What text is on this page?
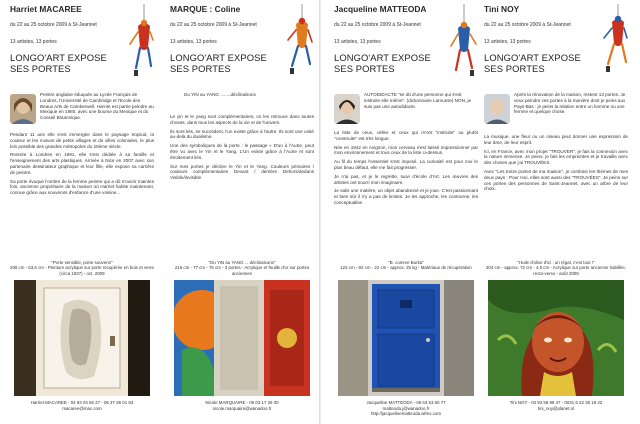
Harriet MACAREE
du 22 au 25 octobre 2009 à St-Jeannet
13 artistes, 13 portes
LONGO'ART EXPOSE
SES PORTES
Peintre anglaise éduquée au Lycée Français de Londres, l'Université de Cambridge et l'Ecole des Beaux Arts de Camberwell, Harriet est partie peindre au Mexique en 1980, avec une bourse du Mexique et du Conseil Britannique.

Pendant 11 ans elle s'est immergée dans le paysage tropical, la couleur et les mœurs de petits villages et de villes coloniales, le plus loin possible des grandes métropoles du 20ème siècle.

Rentrée à Londres en 1991, elle s'est dédiée à sa famille et l'enseignement des arts plastiques. Arrivée à Nice en 2007 avec son partenaire dessinateur graphique et leur fille, elle expose sa carrière de peintre.

Sa porte évoque l'ombre de la femme peintre qui a dû s'ouvrir maintes fois, ancienne propriétaire de la maison où Harriet habite maintenant, connue grâce aux souvenirs d'enfance d'une voisine...

"Porte sensible, porte souvenir"
208 cm - 63,5 cm - Peinture acrylique sur porte récupérée en bois et verre (circa 1937) - oct. 2009
Harriet MACAREE - 04 93 04 66 27 - 06 37 36 01 83
macaree@mac.com
MARQUE : Coline
du 22 au 25 octobre 2009 à St-Jeannet
13 artistes, 13 portes
LONGO'ART EXPOSE
SES PORTES
Du YIN au YANG ........déclinaisons

Le yin et le yang sont complémentaires, on les retrouve dans toutes choses, dans tous les aspects de la vie et de l'univers.

Ils sont liés, se succèdent, l'un existe grâce à l'autre. Ils sont une unité au-delà du dualisme.

Une des symboliques de la porte : le passage « D'un à l'Autre, peut être vu avec le Yin et le Yang. L'Un existe grâce à l'Autre et sont étroitement liés.

Sur mes portes je décline le Yin et le Yang. Couleurs primaires / couleurs complémentaires Devant / derrière Dehors/dedans Visible/invisible

"Du YIN au YANG ... déclinaisons"
216 cm - 77 cm - 76 cm - 3 portes - Acrylique et feuille d'or sur portes anciennes
Nicole MARQUAIRE - 06 03 17 26 00
nicole.marquaire@wanadoo.fr
Jacqueline MATTEODA
du 22 au 25 octobre 2009 à St-Jeannet
13 artistes, 13 portes
LONGO'ART EXPOSE
SES PORTES
AUTODIDACTE "se dit d'une personne qui s'est instruite elle même". (dictionnaire Larousse) NON, je suis pas une autodidacte.

La liste de ceux, celles et ceux qui m'ont "instruite" ou plutôt "construite" est très longue.

Née en 1942 en Avignon, mon cerveau s'est laissé impressionner par mon environnement et tous ceux de la liste ci-dessus.

Au fil du temps l'essentiel s'est imposé. La curiosité est pour moi le plus beau défaut, elle me fait progresser.

Je n'ai pas, et je le regrette, suivi d'école d'Art. Les œuvres des artistes ont nourri mon imaginaire.

Je salis une matière, un objet abandonné et je joue. C'est passionnant et bien sûr il n'y a pas de limites. Je les approche, les contourne, les conceptualise.

"B. comme Burka"
122 cm - 82 cm - 22 cm - approx. 25 kg - Matériaux de récupération
Jacqueline MATTEODA - 06 63 53 65 77
matteoda.j@wanadoo.fr
http://jacquelinematteoda.wifeo.com
Tini NOY
du 22 au 25 octobre 2009 à St-Jeannet
13 artistes, 13 portes
LONGO'ART EXPOSE
SES PORTES
Après la rénovation de la maison, restent 13 portes. Je veux peindre ces portes à la manière dont je peins aux Pays-Bas : je peins la relation entre un homme ou une femme et quelque chose.

La musique, une fleur ou un oiseau peut donner une expression de leur âme, de leur esprit.

Ici, en France, avec mon projet "TROUVER", je fais la connexion avec la nature immense. Je peins, je fais les empreintes et je travaille avec des choses que j'ai TROUVÉES.

Avec "Les treize portes de ma maison", je combine les thèmes de mes deux pays : Pour moi, elles sont aussi des "TROUVÉES". Je peins sur ces portes des personnes de Saint-Jeannet, avec un arbre de leur choix.

"Huile d'olive d'ici : un régal, c'est tout !"
203 cm - approx. 72 cm - 4,5 cm - Acrylique sur porte ancienne habillée, recto-verso - août 2009
Tini NOY - 04 93 58 98 47 - 0031 6 22 35 19 22
tini_noy@planet.nl
